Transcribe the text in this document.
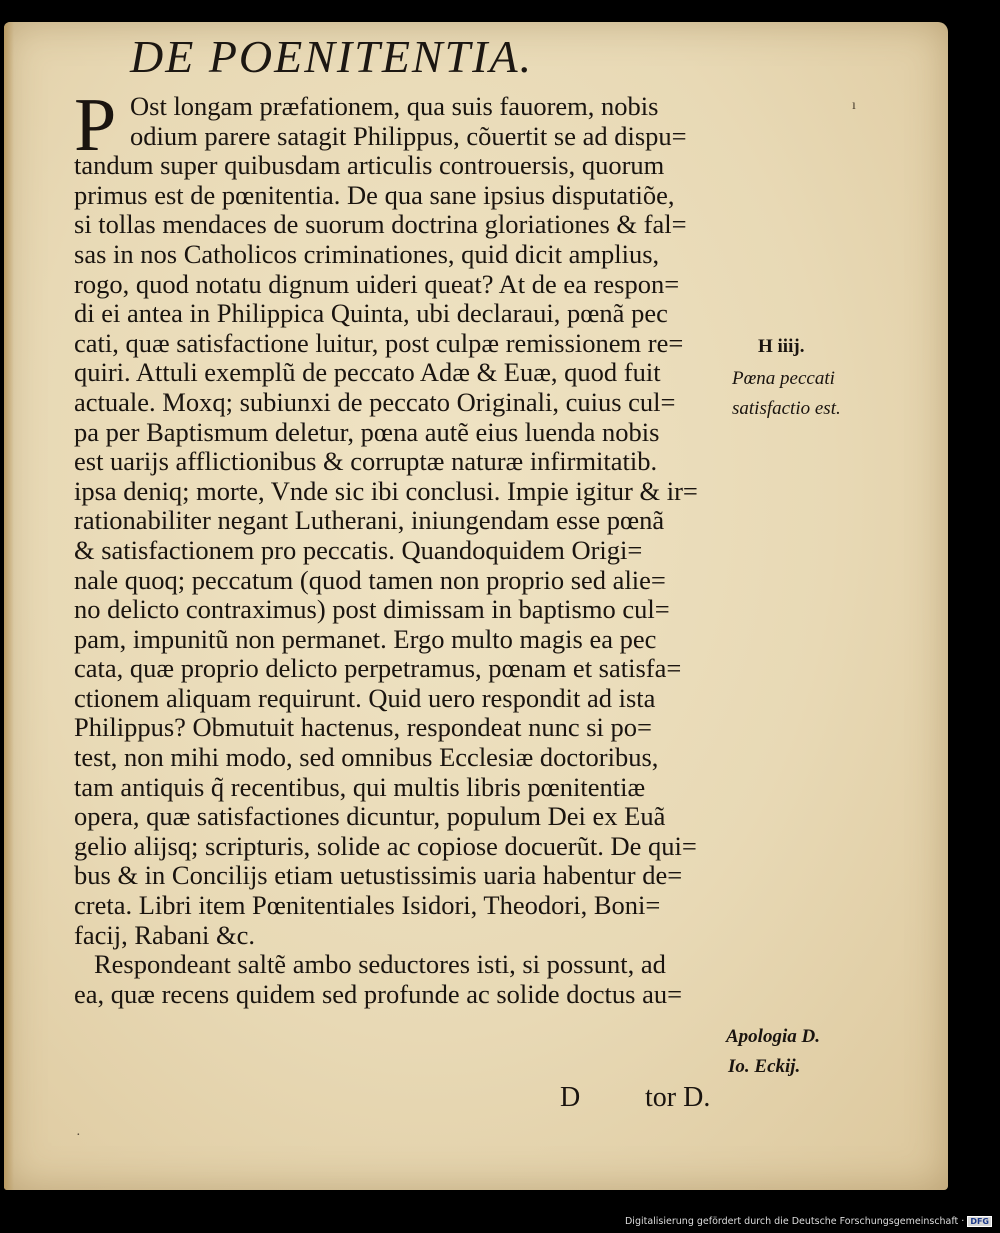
DE POENITENTIA.
P Ost longam præfationem, qua suis fauorem, nobis
odium parere satagit Philippus, cõuertit se ad dispu=
tandum super quibusdam articulis controuersis, quorum
primus est de pœnitentia. De qua sane ipsius disputatiõe,
si tollas mendaces de suorum doctrina gloriationes & fal=
sas in nos Catholicos criminationes, quid dicit amplius,
rogo, quod notatu dignum uideri queat? At de ea respon=
di ei antea in Philippica Quinta, ubi declaraui, pœnã pec
cati, quæ satisfactione luitur, post culpæ remissionem re=
quiri. Attuli exemplũ de peccato Adæ & Euæ, quod fuit
actuale. Moxq; subiunxi de peccato Originali, cuius cul=
pa per Baptismum deletur, pœna autẽ eius luenda nobis
est uarijs afflictionibus & corruptæ naturæ infirmitatib.
ipsa deniq; morte, Vnde sic ibi conclusi. Impie igitur & ir=
rationabiliter negant Lutherani, iniungendam esse pœnã
& satisfactionem pro peccatis. Quandoquidem Origi=
nale quoq; peccatum (quod tamen non proprio sed alie=
no delicto contraximus) post dimissam in baptismo cul=
pam, impunitũ non permanet. Ergo multo magis ea pec
cata, quæ proprio delicto perpetramus, pœnam et satisfa=
ctionem aliquam requirunt. Quid uero respondit ad ista
Philippus? Obmutuit hactenus, respondeat nunc si po=
test, non mihi modo, sed omnibus Ecclesiæ doctoribus,
tam antiquis q̃ recentibus, qui multis libris pœnitentiæ
opera, quæ satisfactiones dicuntur, populum Dei ex Euã
gelio alijsq; scripturis, solide ac copiose docuerũt. De qui=
bus & in Concilijs etiam uetustissimis uaria habentur de=
creta. Libri item Pœnitentiales Isidori, Theodori, Boni=
facij, Rabani &c.
Respondeant saltẽ ambo seductores isti, si possunt, ad
ea, quæ recens quidem sed profunde ac solide doctus au=
H iiij.
Pœna peccati
satisfactio est.
Apologia D.
Io. Eckij.
D tor D.
ı
·
Digitalisierung gefördert durch die Deutsche Forschungsgemeinschaft · DFG
